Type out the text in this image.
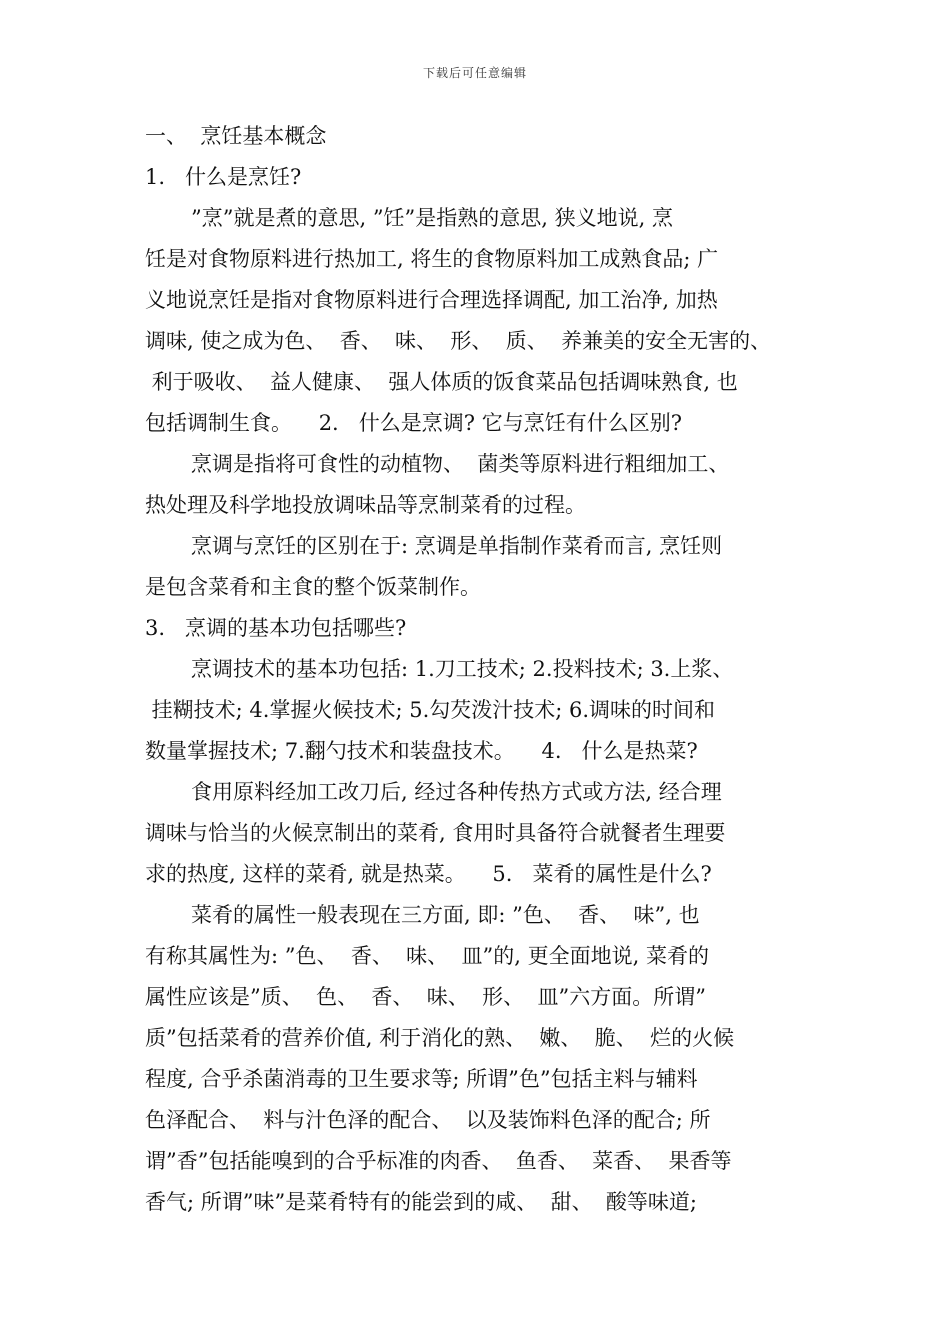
下载后可任意编辑
一、  烹饪基本概念
1.   什么是烹饪?
”烹”就是煮的意思, ”饪”是指熟的意思, 狭义地说, 烹
饪是对食物原料进行热加工, 将生的食物原料加工成熟食品; 广
义地说烹饪是指对食物原料进行合理选择调配, 加工治净, 加热
调味, 使之成为色、  香、  味、  形、  质、  养兼美的安全无害的、
利于吸收、  益人健康、  强人体质的饭食菜品包括调味熟食, 也
包括调制生食。    2.   什么是烹调? 它与烹饪有什么区别?
烹调是指将可食性的动植物、  菌类等原料进行粗细加工、
热处理及科学地投放调味品等烹制菜肴的过程。
烹调与烹饪的区别在于: 烹调是单指制作菜肴而言, 烹饪则
是包含菜肴和主食的整个饭菜制作。
3.   烹调的基本功包括哪些?
烹调技术的基本功包括: 1.刀工技术; 2.投料技术; 3.上浆、
挂糊技术; 4.掌握火候技术; 5.勾芡泼汁技术; 6.调味的时间和
数量掌握技术; 7.翻勺技术和装盘技术。    4.   什么是热菜?
食用原料经加工改刀后, 经过各种传热方式或方法, 经合理
调味与恰当的火候烹制出的菜肴, 食用时具备符合就餐者生理要
求的热度, 这样的菜肴, 就是热菜。    5.   菜肴的属性是什么?
菜肴的属性一般表现在三方面, 即: ”色、  香、  味”, 也
有称其属性为: ”色、  香、  味、  皿”的, 更全面地说, 菜肴的
属性应该是”质、  色、  香、  味、  形、  皿”六方面。所谓”
质”包括菜肴的营养价值, 利于消化的熟、  嫩、  脆、  烂的火候
程度, 合乎杀菌消毒的卫生要求等; 所谓”色”包括主料与辅料
色泽配合、  料与汁色泽的配合、  以及装饰料色泽的配合; 所
谓”香”包括能嗅到的合乎标准的肉香、  鱼香、  菜香、  果香等
香气; 所谓”味”是菜肴特有的能尝到的咸、  甜、  酸等味道;
